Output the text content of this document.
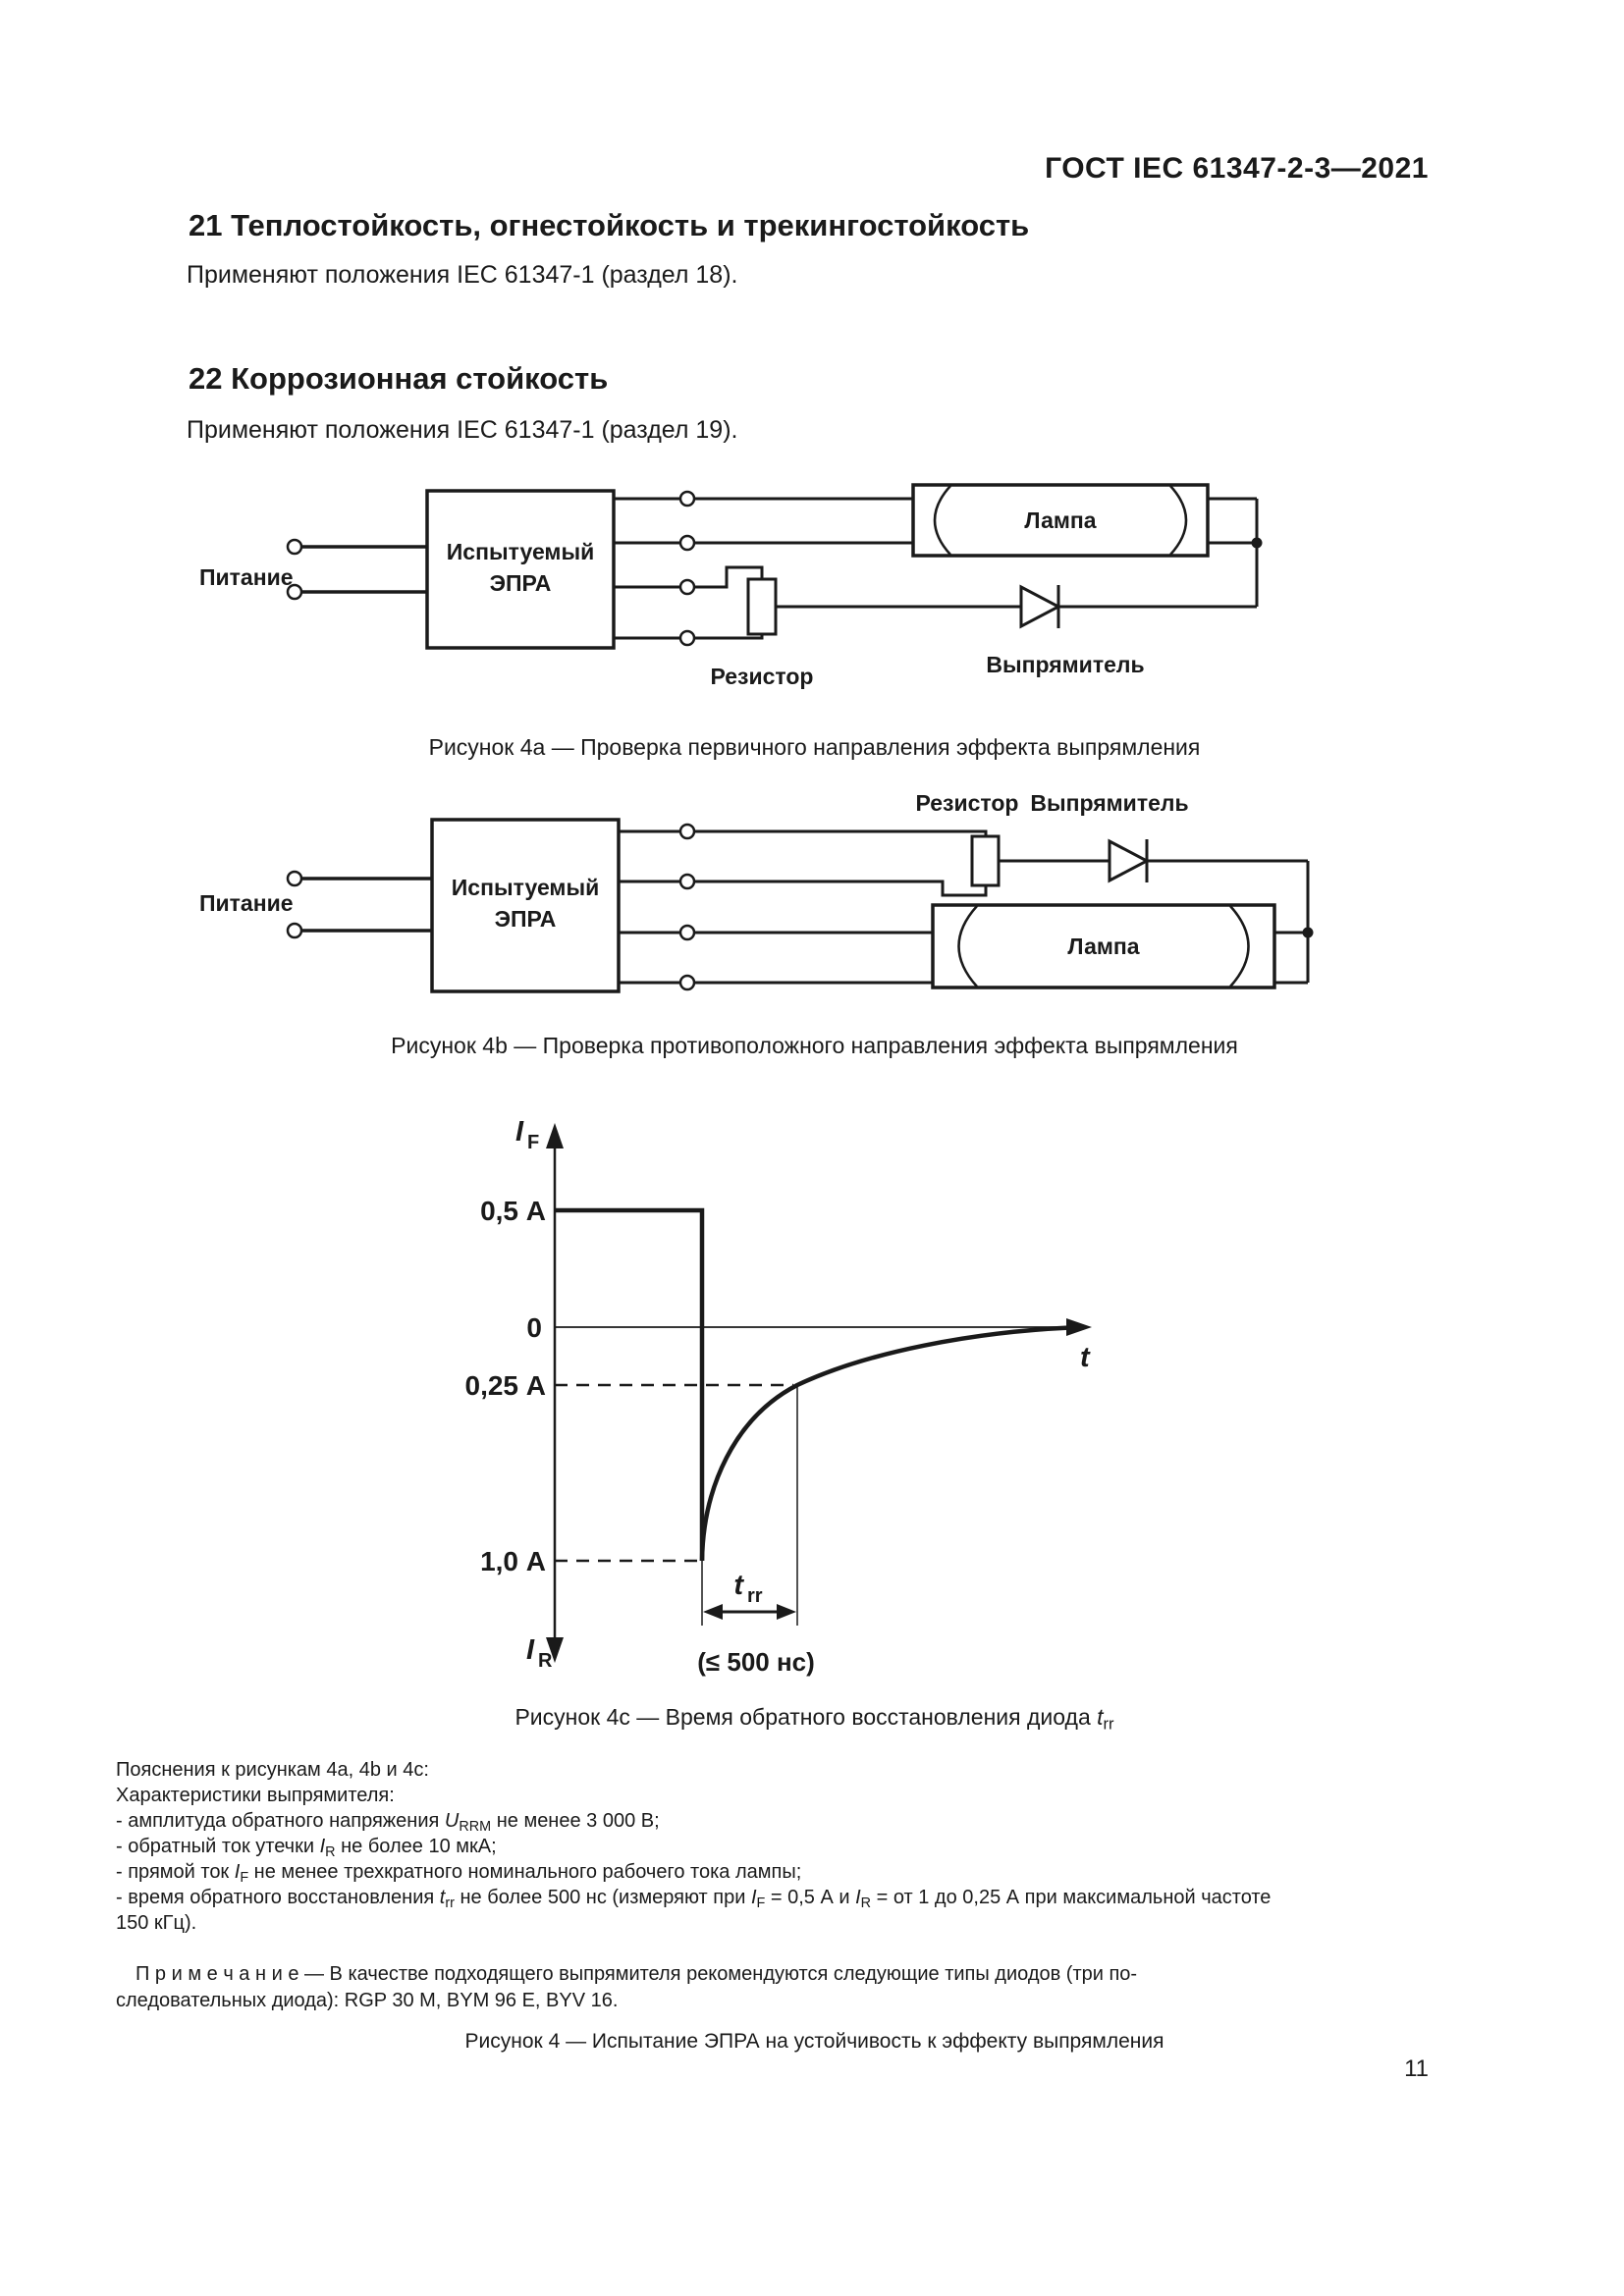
ГОСТ IEC 61347-2-3—2021
21 Теплостойкость, огнестойкость и трекингостойкость
Применяют положения IEC 61347-1 (раздел 18).
22 Коррозионная стойкость
Применяют положения IEC 61347-1 (раздел 19).
Питание
Испытуемый
ЭПРА
Лампа
Резистор	Выпрямитель
Рисунок 4а — Проверка первичного направления эффекта выпрямления
Питание
Испытуемый
ЭПРА
Резистор Выпрямитель
Лампа
Рисунок 4b — Проверка противоположного направления эффекта выпрямления
I F
0,5 А
0
0,25 А
1,0 А
t
I R
t rr
(≤ 500 нс)
Рисунок 4c — Время обратного восстановления диода $t_{rr}$
Пояснения к рисункам 4a, 4b и 4c:
Характеристики выпрямителя:
- амплитуда обратного напряжения $U_{RRM}$ не менее 3 000 В;
- обратный ток утечки $I_R$ не более 10 мкА;
- прямой ток $I_F$ не менее трехкратного номинального рабочего тока лампы;
- время обратного восстановления $t_{rr}$ не более 500 нс (измеряют при $I_F = 0,5$ А и $I_R$ = от 1 до 0,25 А при максимальной частоте
150 кГц).
П р и м е ч а н и е — В качестве подходящего выпрямителя рекомендуются следующие типы диодов (три по-
следовательных диода): RGP 30 M, BYM 96 E, BYV 16.
Рисунок 4 — Испытание ЭПРА на устойчивость к эффекту выпрямления
11
